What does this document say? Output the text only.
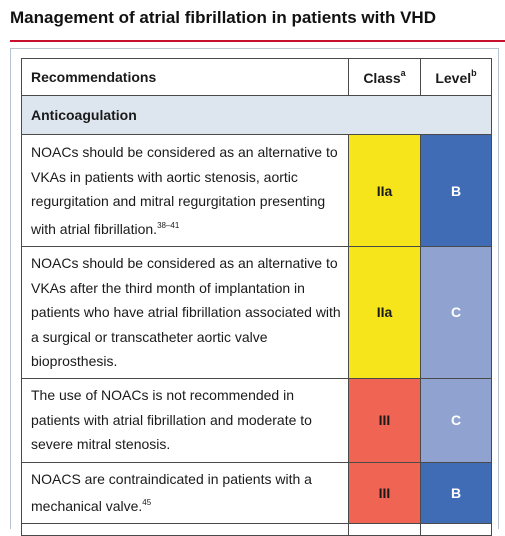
Management of atrial fibrillation in patients with VHD
Recommendations	Class$^a$	Level$^b$
Anticoagulation		
NOACs should be considered as an alternative to VKAs in patients with aortic stenosis, aortic regurgitation and mitral regurgitation presenting with atrial fibrillation.$^{38-41}$	IIa	B
NOACs should be considered as an alternative to VKAs after the third month of implantation in patients who have atrial fibrillation associated with a surgical or transcatheter aortic valve bioprosthesis.	IIa	C
The use of NOACs is not recommended in patients with atrial fibrillation and moderate to severe mitral stenosis.	III	C
NOACS are contraindicated in patients with a mechanical valve.$^{45}$	III	B
